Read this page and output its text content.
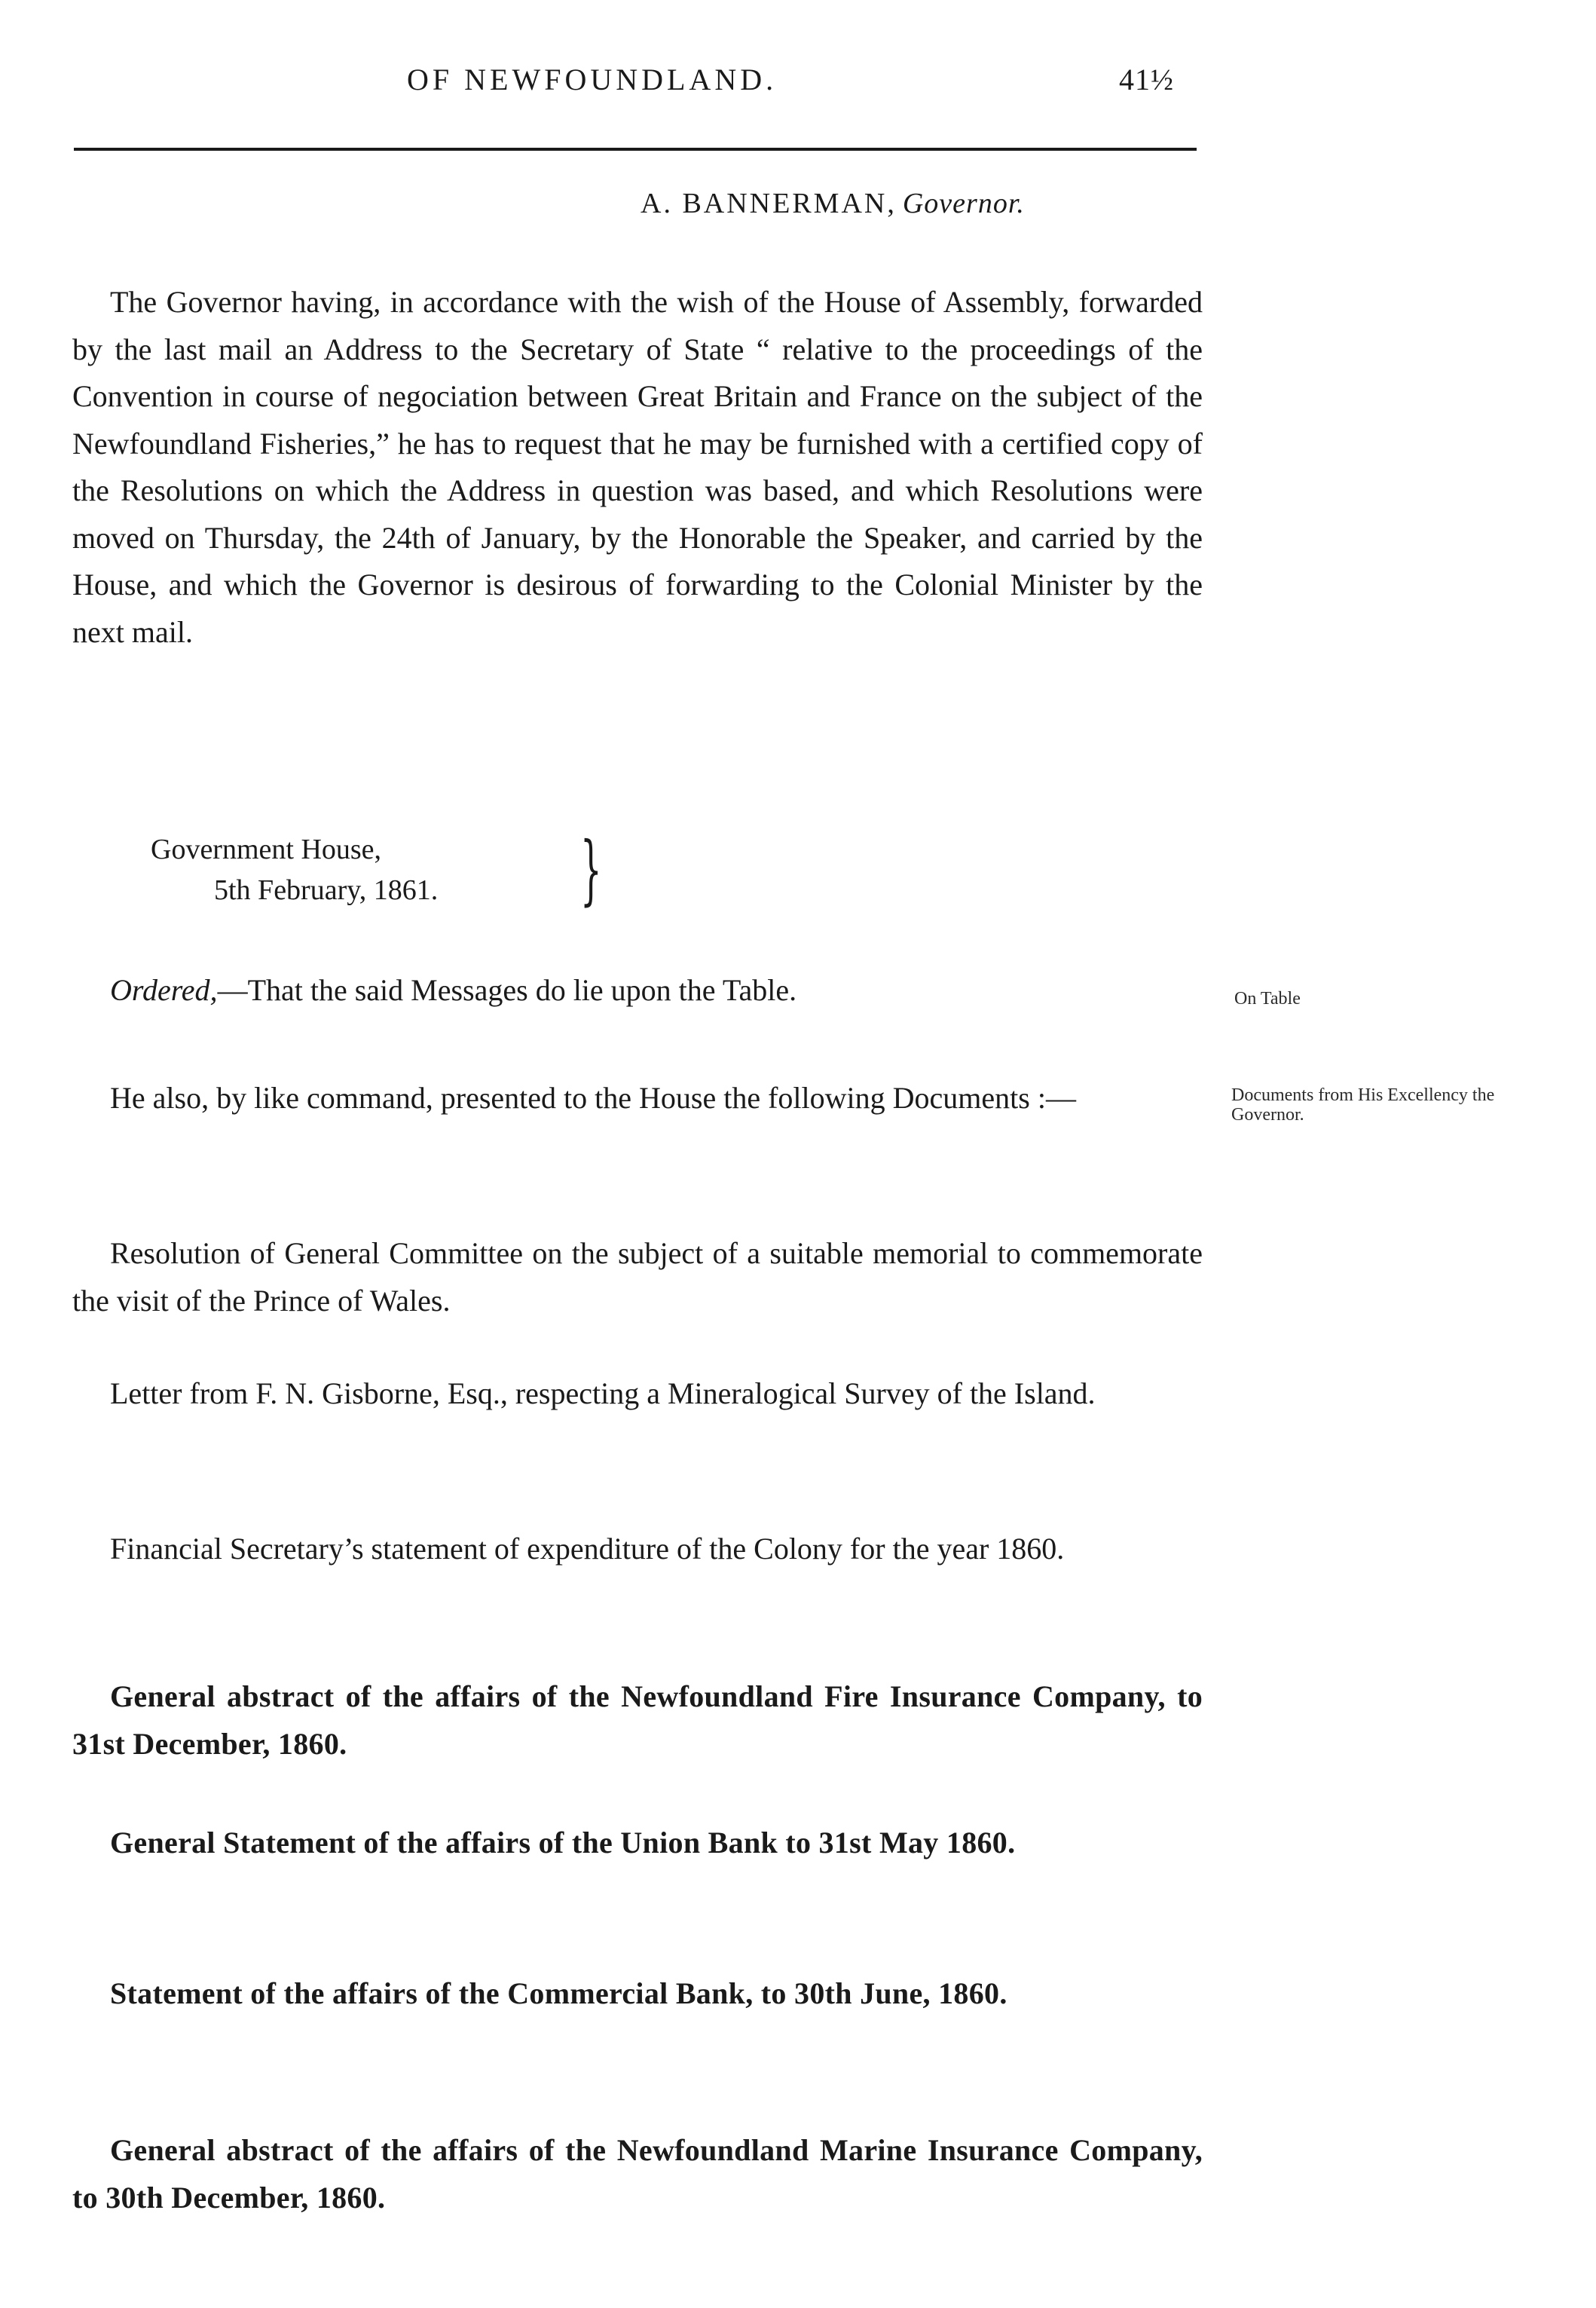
OF NEWFOUNDLAND.	41½
A. BANNERMAN, Governor.

The Governor having, in accordance with the wish of the House of Assembly, forwarded by the last mail an Address to the Secretary of State “ relative to the proceedings of the Convention in course of negociation between Great Britain and France on the subject of the Newfoundland Fisheries,” he has to request that he may be furnished with a certified copy of the Resolutions on which the Address in question was based, and which Resolutions were moved on Thursday, the 24th of January, by the Honorable the Speaker, and carried by the House, and which the Governor is desirous of forwarding to the Colonial Minister by the next mail.

Government House,
5th February, 1861. }
Ordered,—That the said Messages do lie upon the Table.	On Table

He also, by like command, presented to the House the following Documents :—	Documents from His Excellency the Governor.

Resolution of General Committee on the subject of a suitable memorial to commemorate the visit of the Prince of Wales.

Letter from F. N. Gisborne, Esq., respecting a Mineralogical Survey of the Island.

Financial Secretary’s statement of expenditure of the Colony for the year 1860.

General abstract of the affairs of the Newfoundland Fire Insurance Company, to 31st December, 1860.

General Statement of the affairs of the Union Bank to 31st May 1860.

Statement of the affairs of the Commercial Bank, to 30th June, 1860.

General abstract of the affairs of the Newfoundland Marine Insurance Company, to 30th December, 1860.
